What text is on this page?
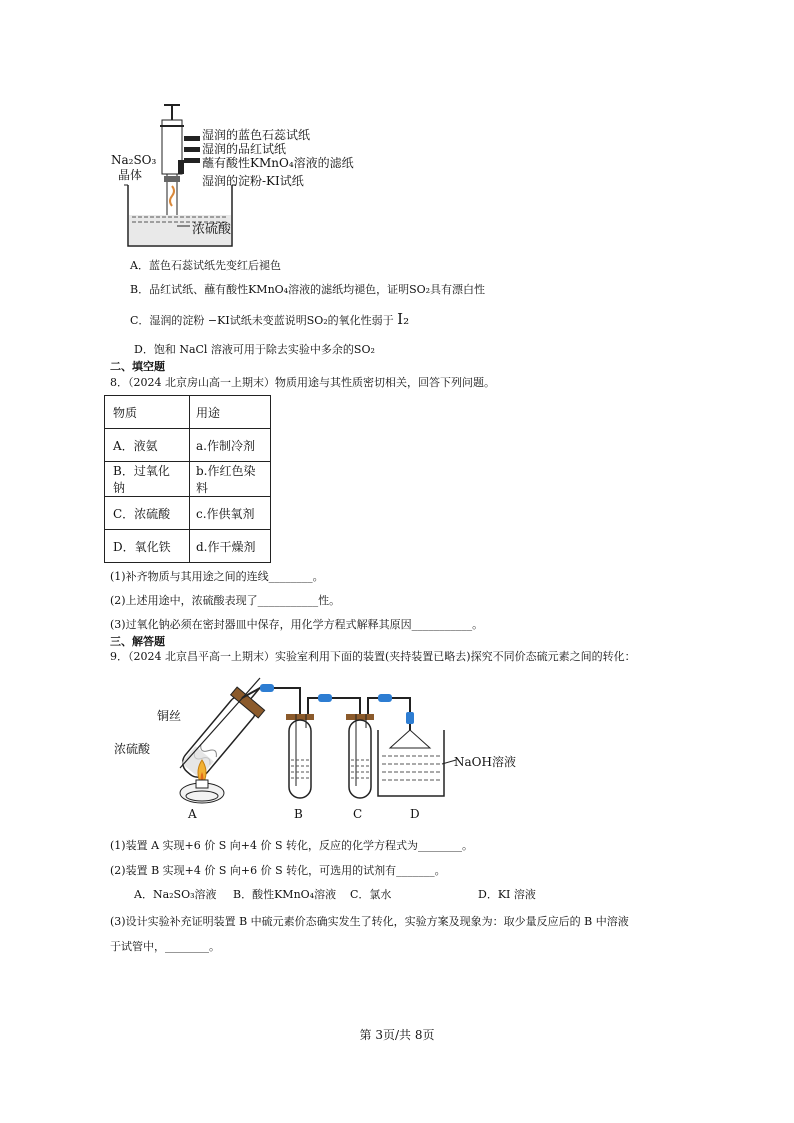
湿润的蓝色石蕊试纸
湿润的品红试纸
蘸有酸性KMnO₄溶液的滤纸
湿润的淀粉-KI试纸
Na₂SO₃
晶体
浓硫酸
A．蓝色石蕊试纸先变红后褪色
B．品红试纸、蘸有酸性KMnO₄溶液的滤纸均褪色，证明SO₂具有漂白性
C．湿润的淀粉 −KI试纸未变蓝说明SO₂的氧化性弱于 I₂
D．饱和 NaCl 溶液可用于除去实验中多余的SO₂
二、填空题
8．（2024 北京房山高一上期末）物质用途与其性质密切相关，回答下列问题。
物质	用途
A．液氨	a.作制冷剂
B．过氧化钠	b.作红色染料
C．浓硫酸	c.作供氧剂
D．氧化铁	d.作干燥剂
(1)补齐物质与其用途之间的连线________。
(2)上述用途中，浓硫酸表现了___________性。
(3)过氧化钠必须在密封器皿中保存，用化学方程式解释其原因___________。
三、解答题
9．（2024 北京昌平高一上期末）实验室利用下面的装置(夹持装置已略去)探究不同价态硫元素之间的转化：
铜丝
浓硫酸
NaOH溶液
A	B	C	D
(1)装置 A 实现+6 价 S 向+4 价 S 转化，反应的化学方程式为________。
(2)装置 B 实现+4 价 S 向+6 价 S 转化，可选用的试剂有_______。
A．Na₂SO₃溶液 B．酸性KMnO₄溶液 C．氯水	D．KI 溶液
(3)设计实验补充证明装置 B 中硫元素价态确实发生了转化，实验方案及现象为：取少量反应后的 B 中溶液
于试管中，________。
第 3页/共 8页
